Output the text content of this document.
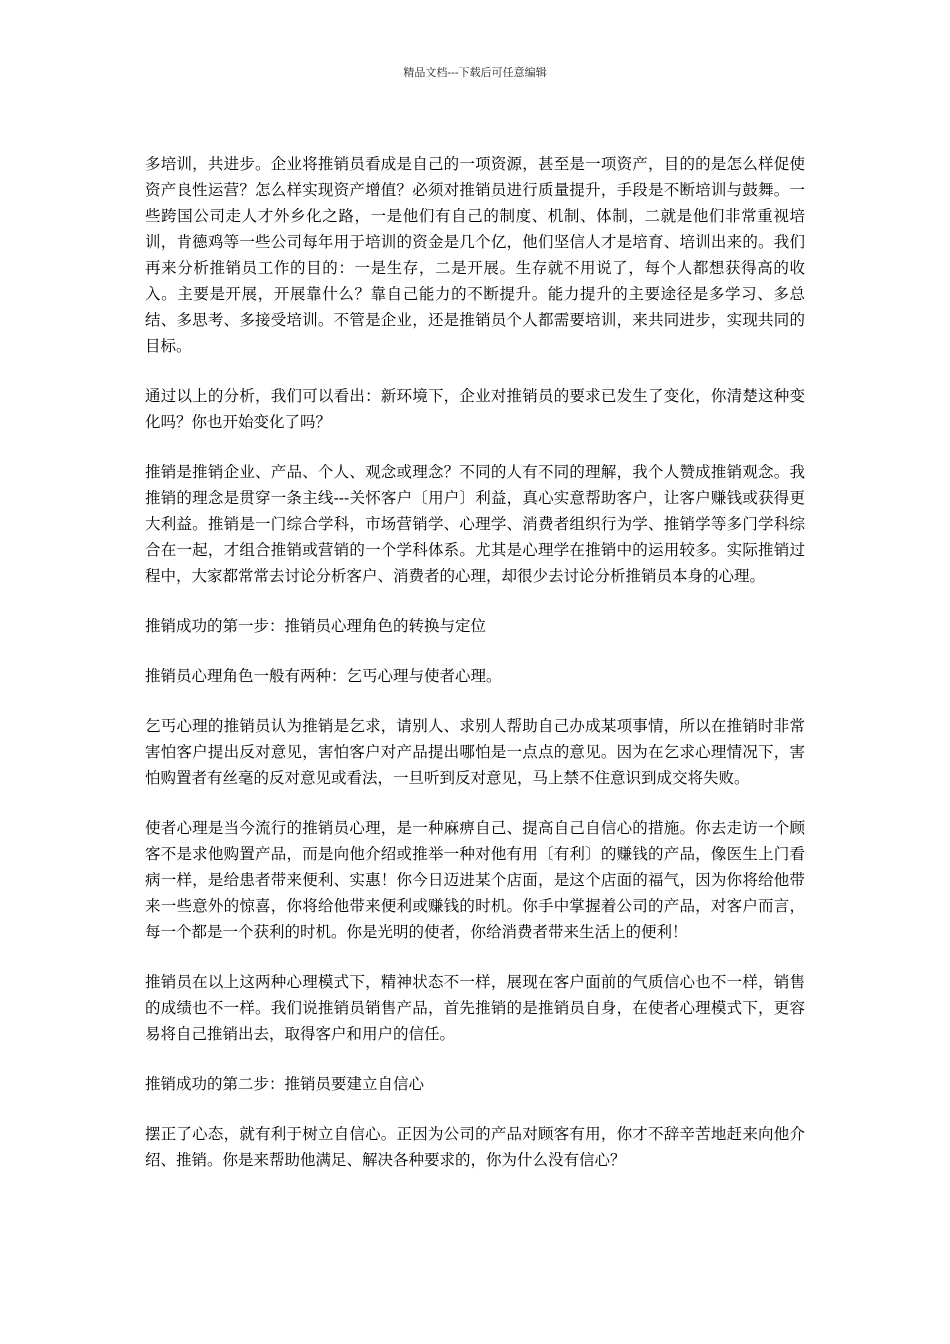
精品文档---下载后可任意编辑

多培训，共进步。企业将推销员看成是自己的一项资源，甚至是一项资产，目的的是怎么样促使资产良性运营？怎么样实现资产增值？必须对推销员进行质量提升，手段是不断培训与鼓舞。一些跨国公司走人才外乡化之路，一是他们有自己的制度、机制、体制，二就是他们非常重视培训，肯德鸡等一些公司每年用于培训的资金是几个亿，他们坚信人才是培育、培训出来的。我们再来分析推销员工作的目的：一是生存，二是开展。生存就不用说了，每个人都想获得高的收入。主要是开展，开展靠什么？靠自己能力的不断提升。能力提升的主要途径是多学习、多总结、多思考、多接受培训。不管是企业，还是推销员个人都需要培训，来共同进步，实现共同的目标。

通过以上的分析，我们可以看出：新环境下，企业对推销员的要求已发生了变化，你清楚这种变化吗？你也开始变化了吗？

推销是推销企业、产品、个人、观念或理念？不同的人有不同的理解，我个人赞成推销观念。我推销的理念是贯穿一条主线---关怀客户〔用户〕利益，真心实意帮助客户，让客户赚钱或获得更大利益。推销是一门综合学科，市场营销学、心理学、消费者组织行为学、推销学等多门学科综合在一起，才组合推销或营销的一个学科体系。尤其是心理学在推销中的运用较多。实际推销过程中，大家都常常去讨论分析客户、消费者的心理，却很少去讨论分析推销员本身的心理。

推销成功的第一步：推销员心理角色的转换与定位

推销员心理角色一般有两种：乞丐心理与使者心理。

乞丐心理的推销员认为推销是乞求，请别人、求别人帮助自己办成某项事情，所以在推销时非常害怕客户提出反对意见，害怕客户对产品提出哪怕是一点点的意见。因为在乞求心理情况下，害怕购置者有丝毫的反对意见或看法，一旦听到反对意见，马上禁不住意识到成交将失败。

使者心理是当今流行的推销员心理，是一种麻痹自己、提高自己自信心的措施。你去走访一个顾客不是求他购置产品，而是向他介绍或推举一种对他有用〔有利〕的赚钱的产品，像医生上门看病一样，是给患者带来便利、实惠！你今日迈进某个店面，是这个店面的福气，因为你将给他带来一些意外的惊喜，你将给他带来便利或赚钱的时机。你手中掌握着公司的产品，对客户而言，每一个都是一个获利的时机。你是光明的使者，你给消费者带来生活上的便利！

推销员在以上这两种心理模式下，精神状态不一样，展现在客户面前的气质信心也不一样，销售的成绩也不一样。我们说推销员销售产品，首先推销的是推销员自身，在使者心理模式下，更容易将自己推销出去，取得客户和用户的信任。

推销成功的第二步：推销员要建立自信心

摆正了心态，就有利于树立自信心。正因为公司的产品对顾客有用，你才不辞辛苦地赶来向他介绍、推销。你是来帮助他满足、解决各种要求的，你为什么没有信心？
